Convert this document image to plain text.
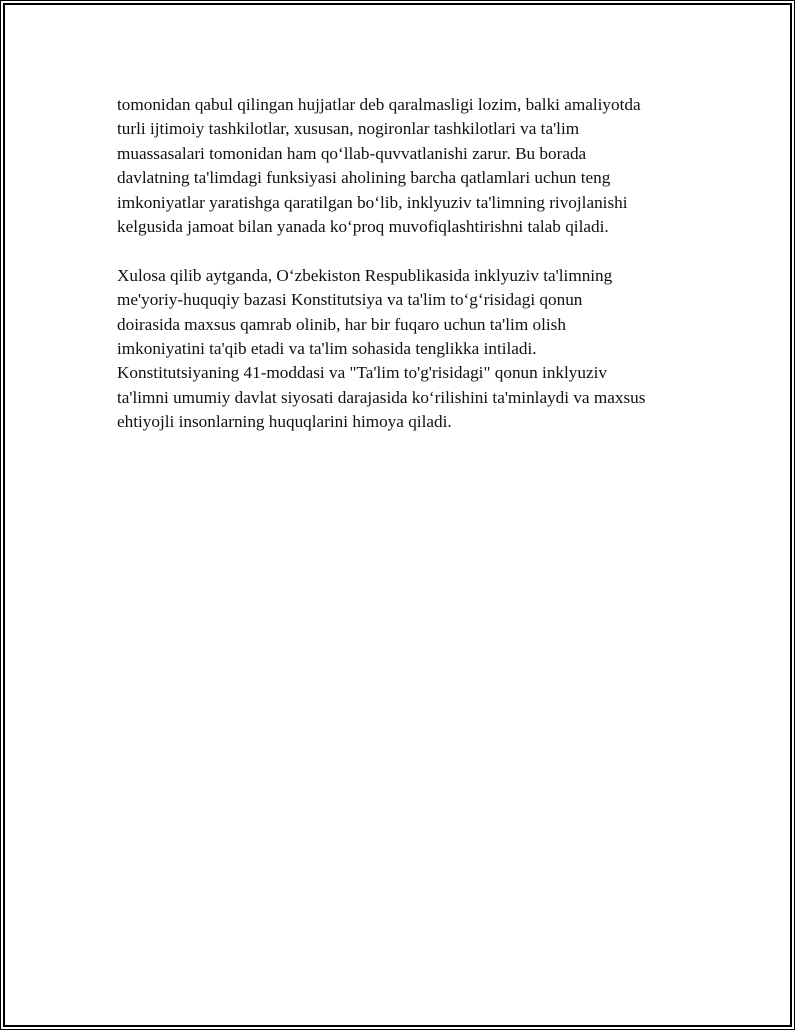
tomonidan qabul qilingan hujjatlar deb qaralmasligi lozim, balki amaliyotda
turli ijtimoiy tashkilotlar, xususan, nogironlar tashkilotlari va ta'lim
muassasalari tomonidan ham qo‘llab-quvvatlanishi zarur. Bu borada
davlatning ta'limdagi funksiyasi aholining barcha qatlamlari uchun teng
imkoniyatlar yaratishga qaratilgan bo‘lib, inklyuziv ta'limning rivojlanishi
kelgusida jamoat bilan yanada ko‘proq muvofiqlashtirishni talab qiladi.

Xulosa qilib aytganda, O‘zbekiston Respublikasida inklyuziv ta'limning
me'yoriy-huquqiy bazasi Konstitutsiya va ta'lim to‘g‘risidagi qonun
doirasida maxsus qamrab olinib, har bir fuqaro uchun ta'lim olish
imkoniyatini ta'qib etadi va ta'lim sohasida tenglikka intiladi.
Konstitutsiyaning 41-moddasi va "Ta'lim to'g'risidagi" qonun inklyuziv
ta'limni umumiy davlat siyosati darajasida ko‘rilishini ta'minlaydi va maxsus
ehtiyojli insonlarning huquqlarini himoya qiladi.
